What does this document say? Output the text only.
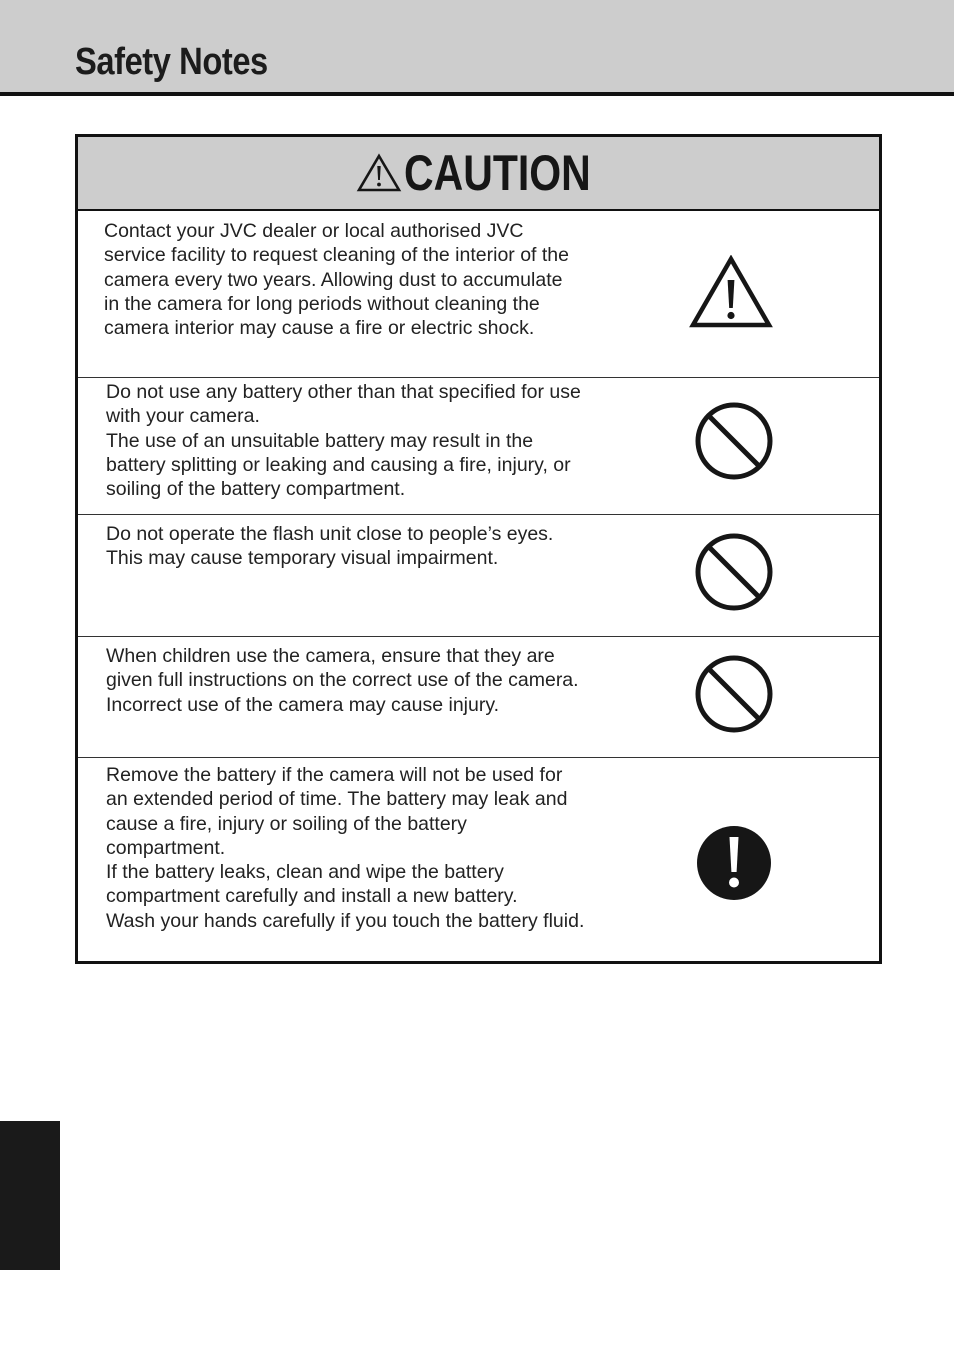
Safety Notes
CAUTION

Contact your JVC dealer or local authorised JVC service facility to request cleaning of the interior of the camera every two years. Allowing dust to accumulate in the camera for long periods without cleaning the camera interior may cause a fire or electric shock.

Do not use any battery other than that specified for use with your camera.

The use of an unsuitable battery may result in the battery splitting or leaking and causing a fire, injury, or soiling of the battery compartment.

Do not operate the flash unit close to people’s eyes.

This may cause temporary visual impairment.

When children use the camera, ensure that they are given full instructions on the correct use of the camera.

Incorrect use of the camera may cause injury.

Remove the battery if the camera will not be used for an extended period of time. The battery may leak and cause a fire, injury or soiling of the battery compartment.

If the battery leaks, clean and wipe the battery compartment carefully and install a new battery.

Wash your hands carefully if you touch the battery fluid.
